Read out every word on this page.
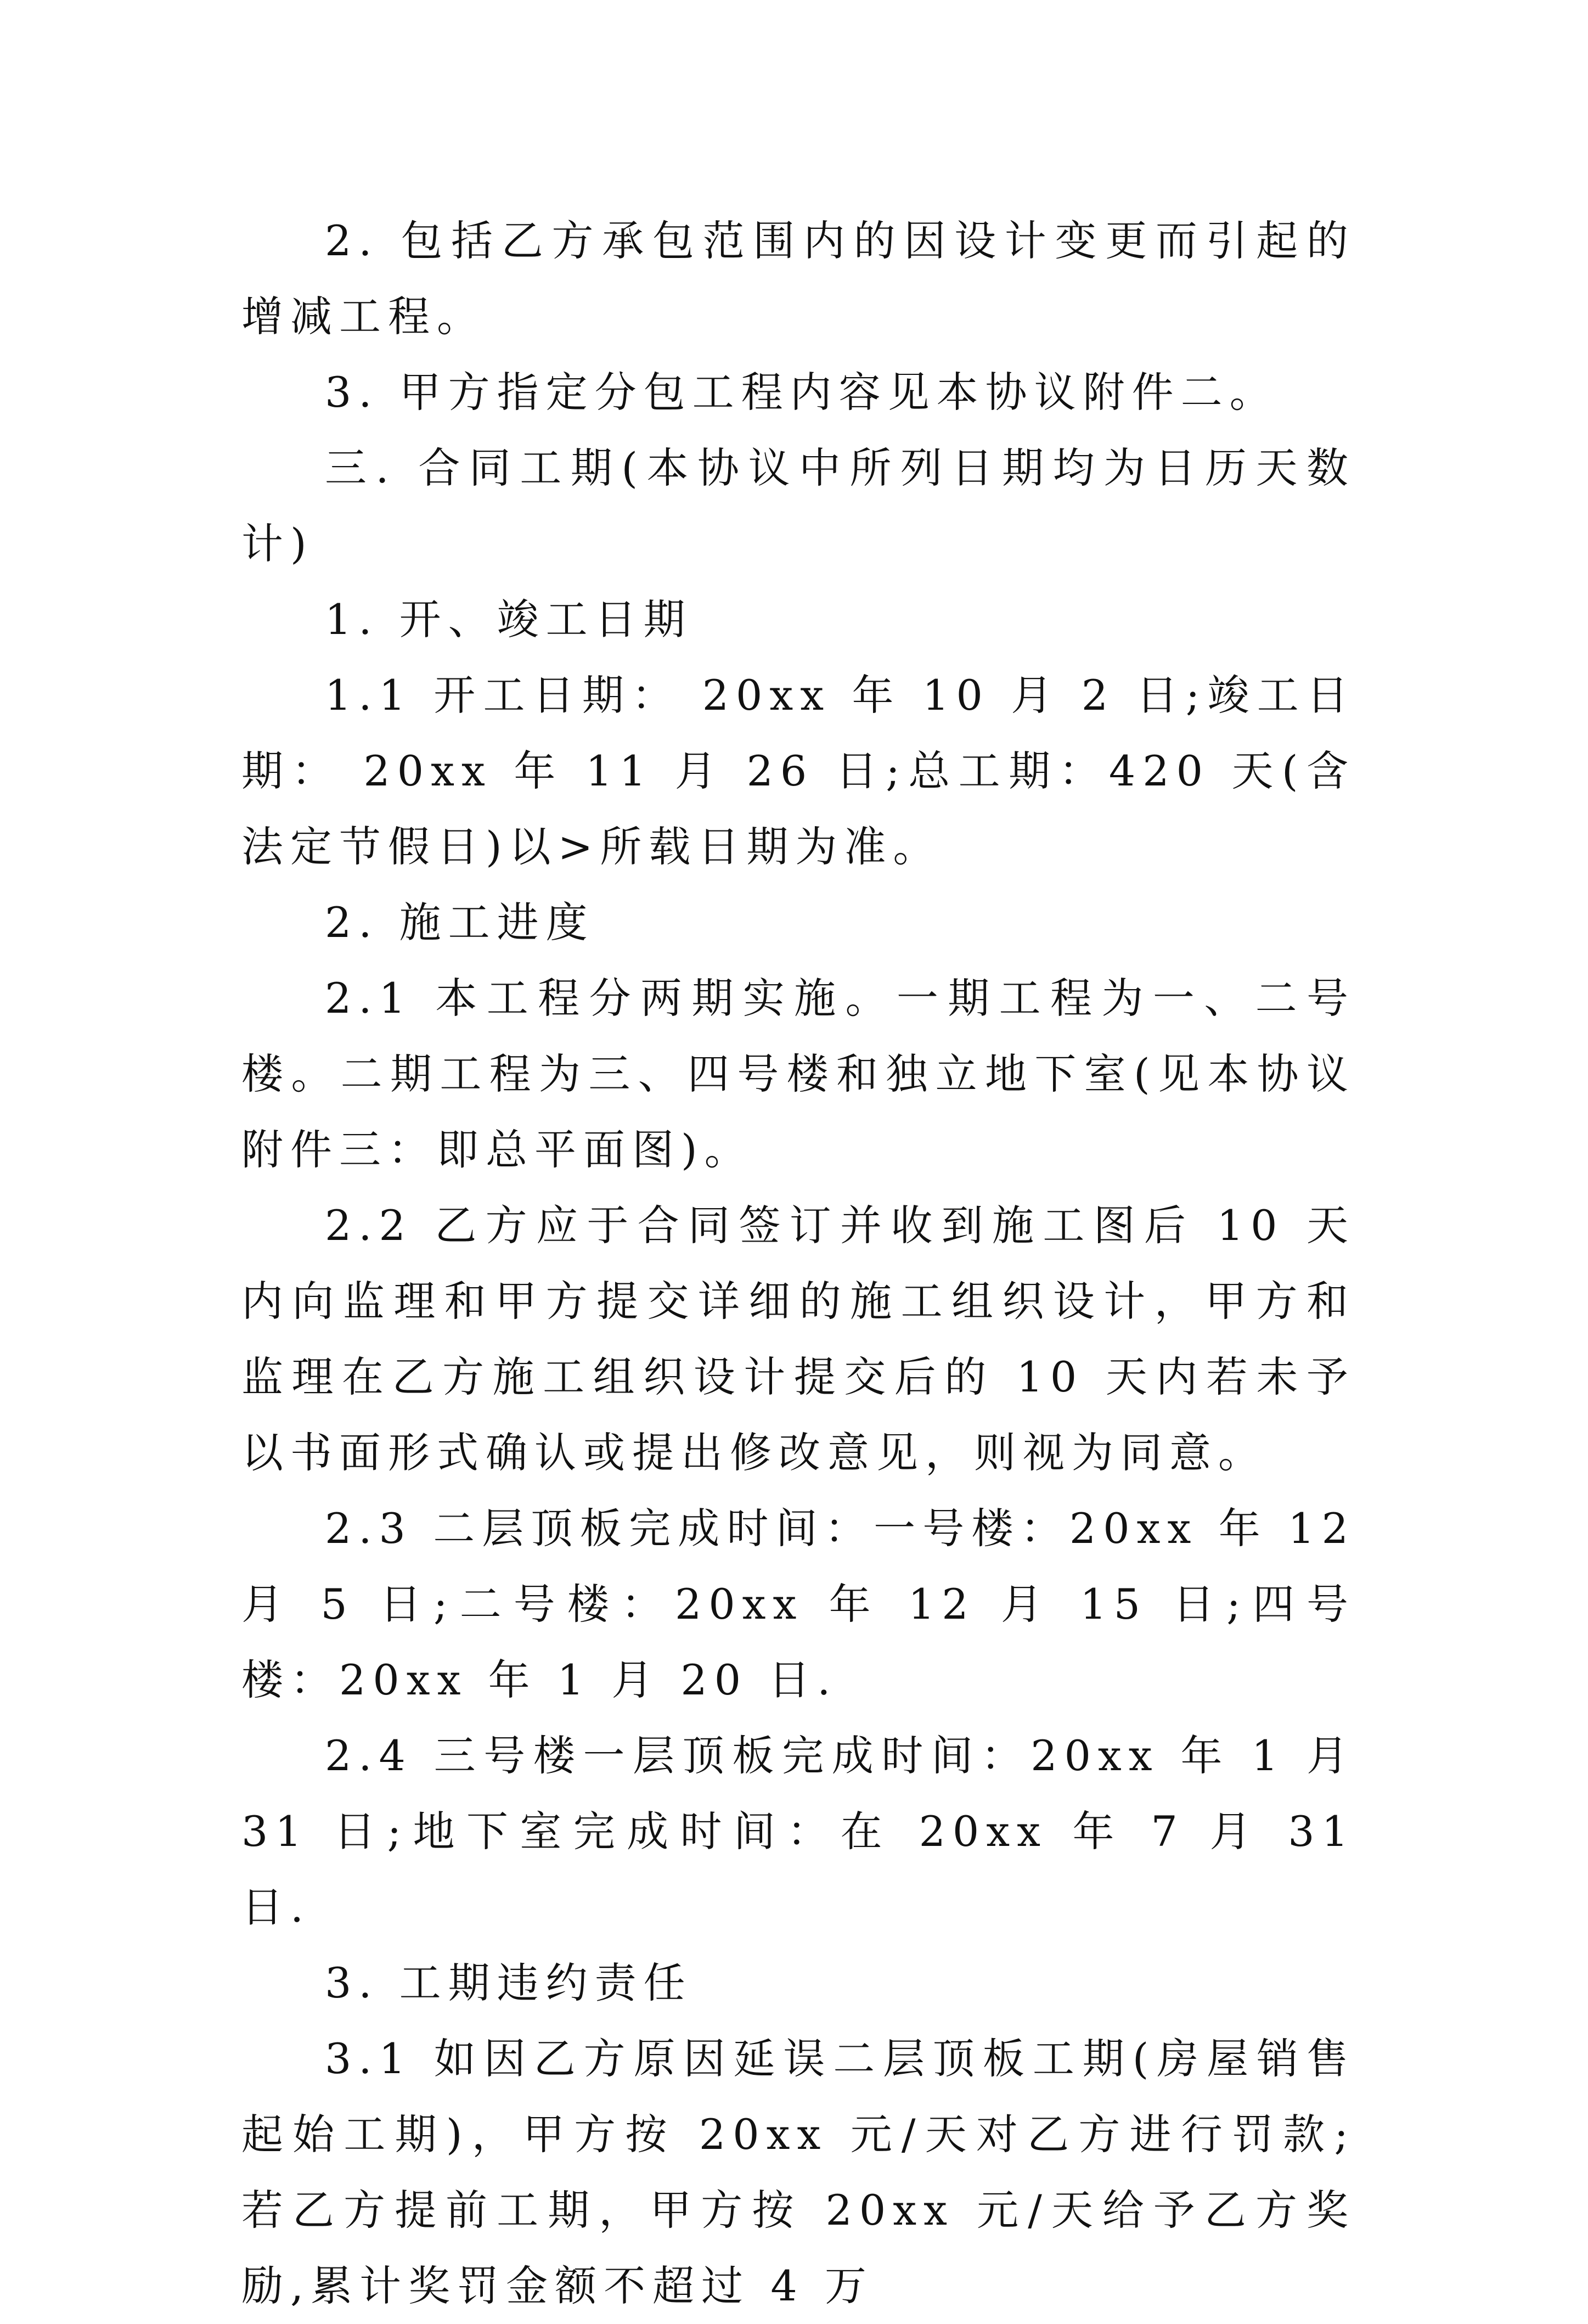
2. 包括乙方承包范围内的因设计变更而引起的增减工程。

3. 甲方指定分包工程内容见本协议附件二。

三. 合同工期(本协议中所列日期均为日历天数计)

1. 开、竣工日期

1.1 开工日期： 20xx 年 10 月 2 日;竣工日期： 20xx 年 11 月 26 日;总工期：420 天(含法定节假日)以>所载日期为准。

2. 施工进度

2.1 本工程分两期实施。一期工程为一、二号楼。二期工程为三、四号楼和独立地下室(见本协议附件三：即总平面图)。

2.2 乙方应于合同签订并收到施工图后 10 天内向监理和甲方提交详细的施工组织设计，甲方和监理在乙方施工组织设计提交后的 10 天内若未予以书面形式确认或提出修改意见，则视为同意。

2.3 二层顶板完成时间：一号楼：20xx 年 12 月 5 日;二号楼：20xx 年 12 月 15 日;四号楼：20xx 年 1 月 20 日.

2.4 三号楼一层顶板完成时间：20xx 年 1 月 31 日;地下室完成时间：在 20xx 年 7 月 31 日.

3. 工期违约责任

3.1 如因乙方原因延误二层顶板工期(房屋销售起始工期)，甲方按 20xx 元/天对乙方进行罚款;若乙方提前工期，甲方按 20xx 元/天给予乙方奖励,累计奖罚金额不超过 4 万
